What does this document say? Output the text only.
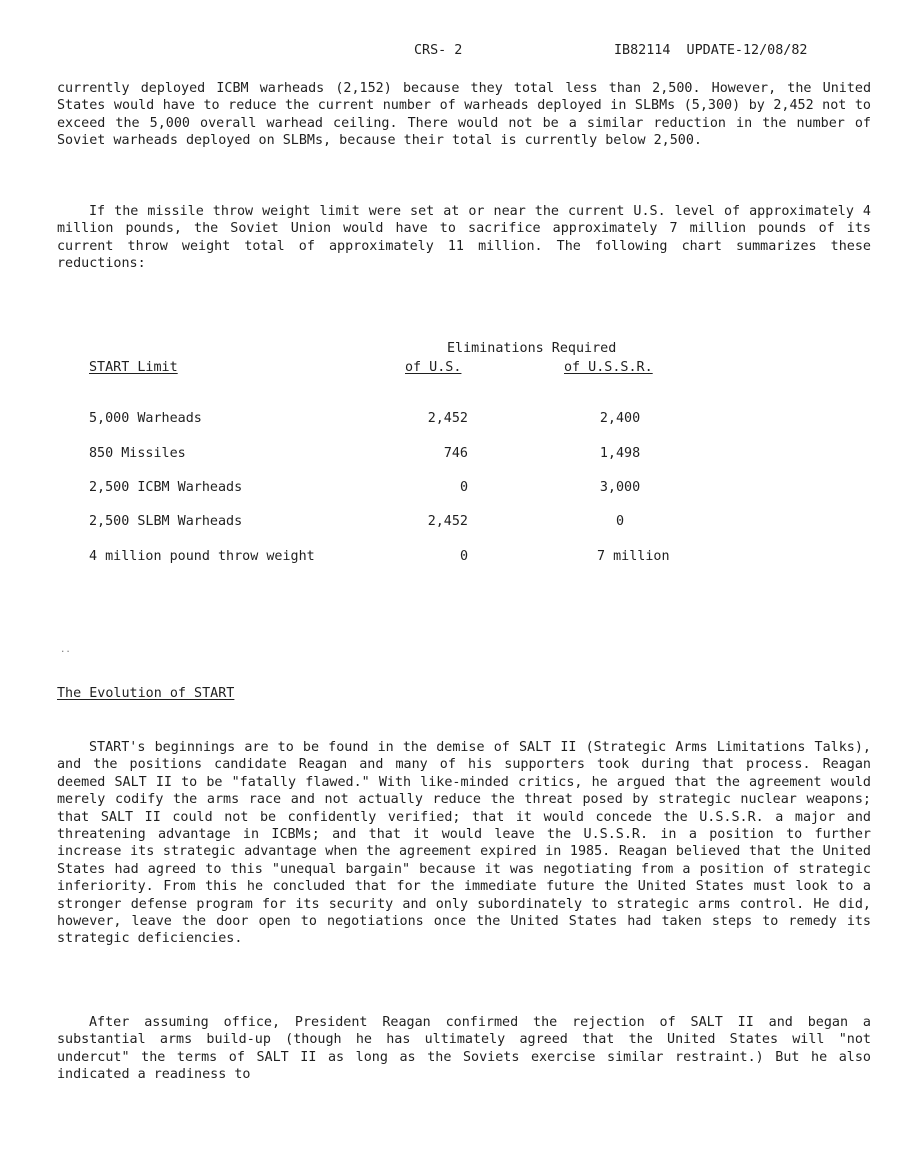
CRS- 2	IB82114  UPDATE-12/08/82

currently deployed ICBM warheads (2,152) because they total less than 2,500. However, the United States would have to reduce the current number of warheads deployed in SLBMs (5,300) by 2,452 not to exceed the 5,000 overall warhead ceiling. There would not be a similar reduction in the number of Soviet warheads deployed on SLBMs, because their total is currently below 2,500.

If the missile throw weight limit were set at or near the current U.S. level of approximately 4 million pounds, the Soviet Union would have to sacrifice approximately 7 million pounds of its current throw weight total of approximately 11 million. The following chart summarizes these reductions:

Eliminations Required
START Limit	of U.S.	of U.S.S.R.
5,000 Warheads	2,452	2,400
850 Missiles	746	1,498
2,500 ICBM Warheads	0	3,000
2,500 SLBM Warheads	2,452	0
4 million pound throw weight	0	7 million
..
The Evolution of START

START's beginnings are to be found in the demise of SALT II (Strategic Arms Limitations Talks), and the positions candidate Reagan and many of his supporters took during that process. Reagan deemed SALT II to be "fatally flawed." With like-minded critics, he argued that the agreement would merely codify the arms race and not actually reduce the threat posed by strategic nuclear weapons; that SALT II could not be confidently verified; that it would concede the U.S.S.R. a major and threatening advantage in ICBMs; and that it would leave the U.S.S.R. in a position to further increase its strategic advantage when the agreement expired in 1985. Reagan believed that the United States had agreed to this "unequal bargain" because it was negotiating from a position of strategic inferiority. From this he concluded that for the immediate future the United States must look to a stronger defense program for its security and only subordinately to strategic arms control. He did, however, leave the door open to negotiations once the United States had taken steps to remedy its strategic deficiencies.

After assuming office, President Reagan confirmed the rejection of SALT II and began a substantial arms build-up (though he has ultimately agreed that the United States will "not undercut" the terms of SALT II as long as the Soviets exercise similar restraint.) But he also indicated a readiness to
